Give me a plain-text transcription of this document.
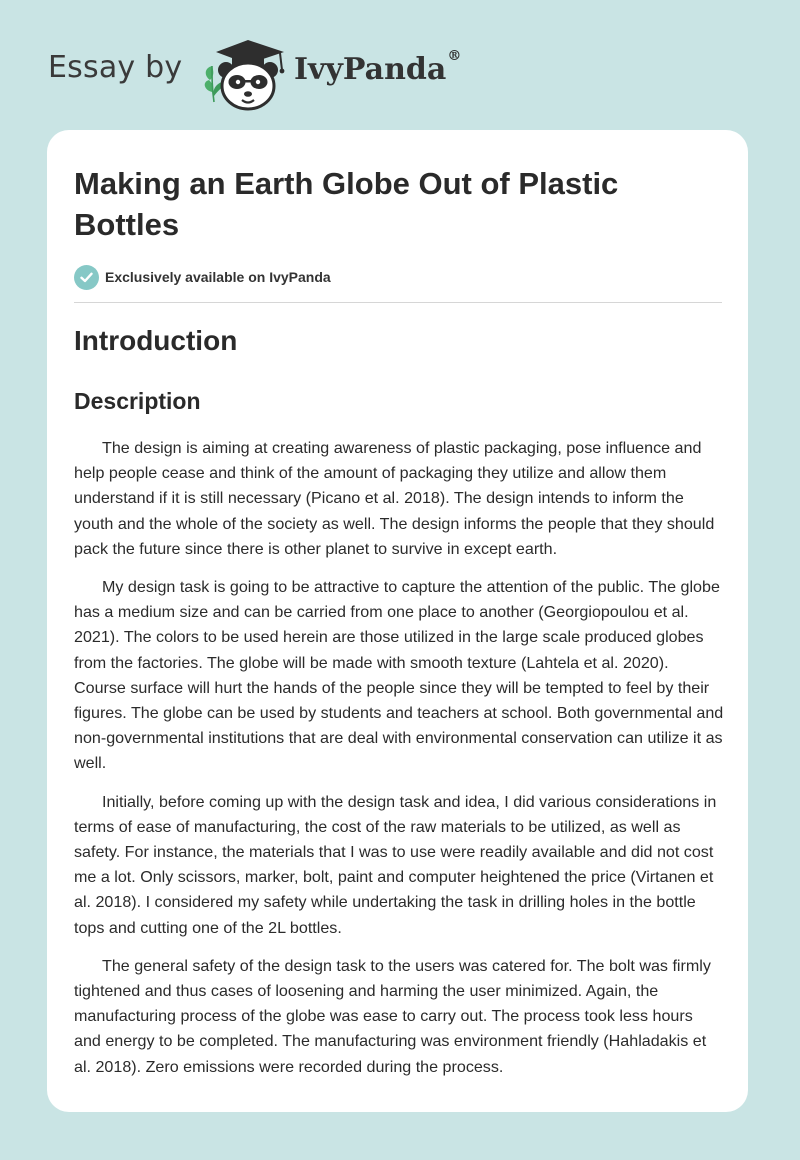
Essay by	IvyPanda®
Making an Earth Globe Out of Plastic Bottles
Exclusively available on IvyPanda
Introduction
Description

The design is aiming at creating awareness of plastic packaging, pose influence and help people cease and think of the amount of packaging they utilize and allow them understand if it is still necessary (Picano et al. 2018). The design intends to inform the youth and the whole of the society as well. The design informs the people that they should pack the future since there is other planet to survive in except earth.

My design task is going to be attractive to capture the attention of the public. The globe has a medium size and can be carried from one place to another (Georgiopoulou et al. 2021). The colors to be used herein are those utilized in the large scale produced globes from the factories. The globe will be made with smooth texture (Lahtela et al. 2020). Course surface will hurt the hands of the people since they will be tempted to feel by their figures. The globe can be used by students and teachers at school. Both governmental and non-governmental institutions that are deal with environmental conservation can utilize it as well.

Initially, before coming up with the design task and idea, I did various considerations in terms of ease of manufacturing, the cost of the raw materials to be utilized, as well as safety. For instance, the materials that I was to use were readily available and did not cost me a lot. Only scissors, marker, bolt, paint and computer heightened the price (Virtanen et al. 2018). I considered my safety while undertaking the task in drilling holes in the bottle tops and cutting one of the 2L bottles.

The general safety of the design task to the users was catered for. The bolt was firmly tightened and thus cases of loosening and harming the user minimized. Again, the manufacturing process of the globe was ease to carry out. The process took less hours and energy to be completed. The manufacturing was environment friendly (Hahladakis et al. 2018). Zero emissions were recorded during the process.
